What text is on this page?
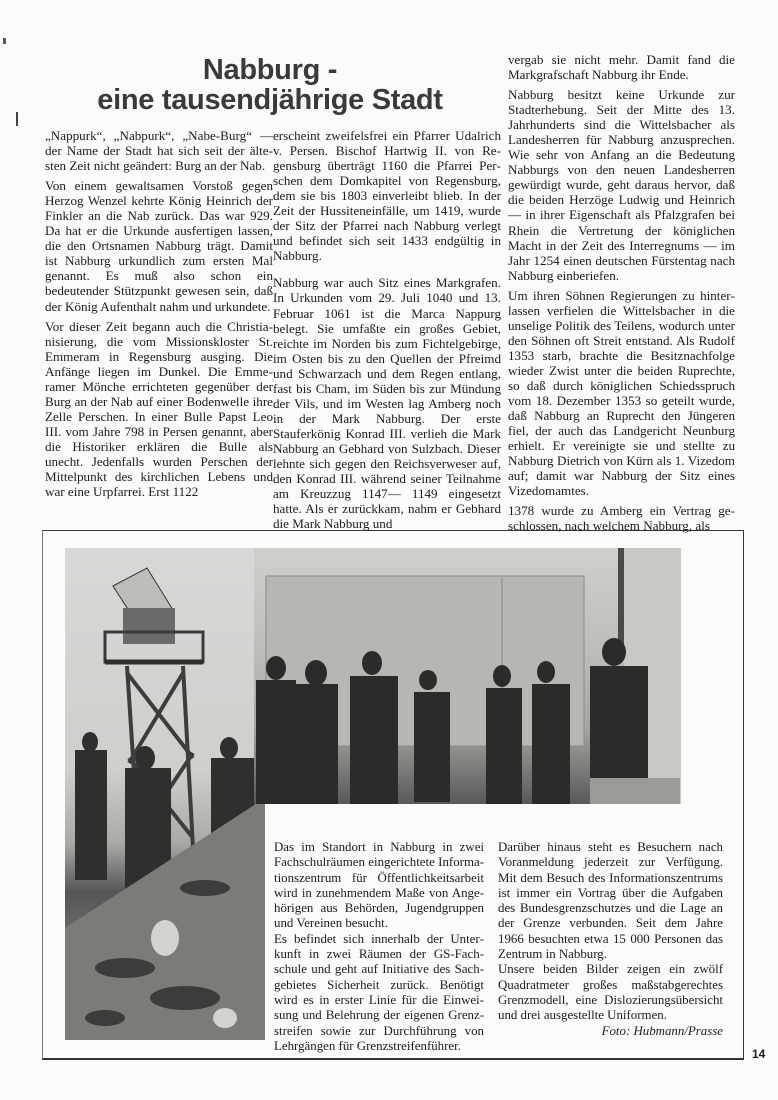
Nabburg -
eine tausendjährige Stadt

„Nappurk“, „Nabpurk“, „Nabe-Burg“ — der Name der Stadt hat sich seit der ältesten Zeit nicht geändert: Burg an der Nab.

Von einem gewaltsamen Vorstoß gegen Herzog Wenzel kehrte König Heinrich der Finkler an die Nab zurück. Das war 929. Da hat er die Urkunde ausfertigen lassen, die den Ortsnamen Nabburg trägt. Damit ist Nabburg urkundlich zum ersten Mal genannt. Es muß also schon ein bedeutender Stützpunkt gewesen sein, daß der König Aufenthalt nahm und urkundete.

Vor dieser Zeit begann auch die Christianisierung, die vom Missionskloster St. Emmeram in Regensburg ausging. Die Anfänge liegen im Dunkel. Die Emmeramer Mönche errichteten gegenüber der Burg an der Nab auf einer Bodenwelle ihre Zelle Perschen. In einer Bulle Papst Leo III. vom Jahre 798 in Persen genannt, aber die Historiker erklären die Bulle als unecht. Jedenfalls wurden Perschen der Mittelpunkt des kirchlichen Lebens und war eine Urpfarrei. Erst 1122

erscheint zweifelsfrei ein Pfarrer Udalrich v. Persen. Bischof Hartwig II. von Regensburg überträgt 1160 die Pfarrei Perschen dem Domkapitel von Regensburg, dem sie bis 1803 einverleibt blieb. In der Zeit der Hussiteneinfälle, um 1419, wurde der Sitz der Pfarrei nach Nabburg verlegt und befindet sich seit 1433 endgültig in Nabburg.

Nabburg war auch Sitz eines Markgrafen. In Urkunden vom 29. Juli 1040 und 13. Februar 1061 ist die Marca Nappurg belegt. Sie umfaßte ein großes Gebiet, reichte im Norden bis zum Fichtelgebirge, im Osten bis zu den Quellen der Pfreimd und Schwarzach und dem Regen entlang, fast bis Cham, im Süden bis zur Mündung der Vils, und im Westen lag Amberg noch in der Mark Nabburg. Der erste Stauferkönig Konrad III. verlieh die Mark Nabburg an Gebhard von Sulzbach. Dieser lehnte sich gegen den Reichsverweser auf, den Konrad III. während seiner Teilnahme am Kreuzzug 1147— 1149 eingesetzt hatte. Als er zurückkam, nahm er Gebhard die Mark Nabburg und

vergab sie nicht mehr. Damit fand die Markgrafschaft Nabburg ihr Ende.

Nabburg besitzt keine Urkunde zur Stadterhebung. Seit der Mitte des 13. Jahrhunderts sind die Wittelsbacher als Landesherren für Nabburg anzusprechen. Wie sehr von Anfang an die Bedeutung Nabburgs von den neuen Landesherren gewürdigt wurde, geht daraus hervor, daß die beiden Herzöge Ludwig und Heinrich — in ihrer Eigenschaft als Pfalzgrafen bei Rhein die Vertretung der königlichen Macht in der Zeit des Interregnums — im Jahr 1254 einen deutschen Fürstentag nach Nabburg einberiefen.

Um ihren Söhnen Regierungen zu hinterlassen verfielen die Wittelsbacher in die unselige Politik des Teilens, wodurch unter den Söhnen oft Streit entstand. Als Rudolf 1353 starb, brachte die Besitznachfolge wieder Zwist unter die beiden Ruprechte, so daß durch königlichen Schiedsspruch vom 18. Dezember 1353 so geteilt wurde, daß Nabburg an Ruprecht den Jüngeren fiel, der auch das Landgericht Neunburg erhielt. Er vereinigte sie und stellte zu Nabburg Dietrich von Kürn als 1. Vizedom auf; damit war Nabburg der Sitz eines Vizedomamtes.

1378 wurde zu Amberg ein Vertrag geschlossen, nach welchem Nabburg, als

Das im Standort in Nabburg in zwei Fachschulräumen eingerichtete Informationszentrum für Öffentlichkeitsarbeit wird in zunehmendem Maße von Angehörigen aus Behörden, Jugendgruppen und Vereinen besucht.

Es befindet sich innerhalb der Unterkunft in zwei Räumen der GS-Fachschule und geht auf Initiative des Sachgebietes Sicherheit zurück. Benötigt wird es in erster Linie für die Einweisung und Belehrung der eigenen Grenzstreifen sowie zur Durchführung von Lehrgängen für Grenzstreifenführer.

Darüber hinaus steht es Besuchern nach Voranmeldung jederzeit zur Verfügung. Mit dem Besuch des Informationszentrums ist immer ein Vortrag über die Aufgaben des Bundesgrenzschutzes und die Lage an der Grenze verbunden. Seit dem Jahre 1966 besuchten etwa 15 000 Personen das Zentrum in Nabburg.

Unsere beiden Bilder zeigen ein zwölf Quadratmeter großes maßstabgerechtes Grenzmodell, eine Dislozierungsübersicht und drei ausgestellte Uniformen.

Foto: Hubmann/Prasse

14
